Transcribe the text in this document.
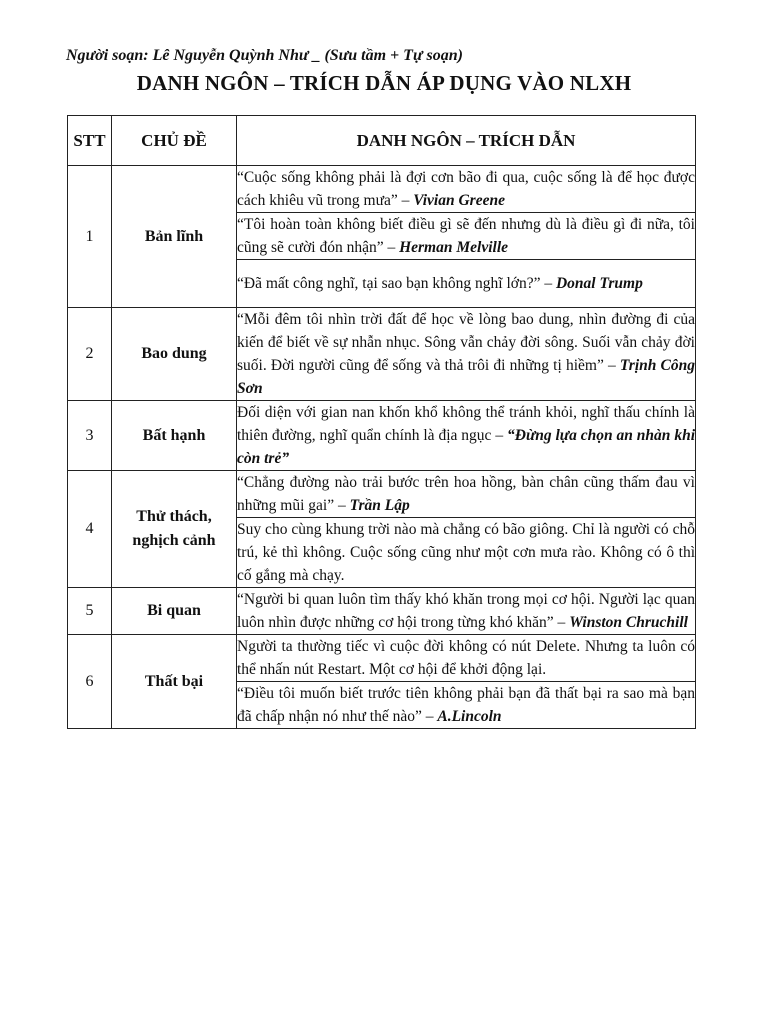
Người soạn: Lê Nguyễn Quỳnh Như _ (Sưu tầm + Tự soạn)
DANH NGÔN – TRÍCH DẪN ÁP DỤNG VÀO NLXH
STT	CHỦ ĐỀ	DANH NGÔN – TRÍCH DẪN
1	Bản lĩnh	“Cuộc sống không phải là đợi cơn bão đi qua, cuộc sống là để học được cách khiêu vũ trong mưa” – Vivian Greene
		“Tôi hoàn toàn không biết điều gì sẽ đến nhưng dù là điều gì đi nữa, tôi cũng sẽ cười đón nhận” – Herman Melville
		“Đã mất công nghĩ, tại sao bạn không nghĩ lớn?” – Donal Trump
2	Bao dung	“Mỗi đêm tôi nhìn trời đất để học về lòng bao dung, nhìn đường đi của kiến để biết về sự nhẫn nhục. Sông vẫn chảy đời sông. Suối vẫn chảy đời suối. Đời người cũng để sống và thả trôi đi những tị hiềm” – Trịnh Công Sơn
3	Bất hạnh	Đối diện với gian nan khốn khổ không thể tránh khỏi, nghĩ thấu chính là thiên đường, nghĩ quẩn chính là địa ngục – “Đừng lựa chọn an nhàn khi còn trẻ”
4	Thử thách, nghịch cảnh	“Chẳng đường nào trải bước trên hoa hồng, bàn chân cũng thấm đau vì những mũi gai” – Trần Lập
		Suy cho cùng khung trời nào mà chẳng có bão giông. Chỉ là người có chỗ trú, kẻ thì không. Cuộc sống cũng như một cơn mưa rào. Không có ô thì cố gắng mà chạy.
5	Bi quan	“Người bi quan luôn tìm thấy khó khăn trong mọi cơ hội. Người lạc quan luôn nhìn được những cơ hội trong từng khó khăn” – Winston Chruchill
6	Thất bại	Người ta thường tiếc vì cuộc đời không có nút Delete. Nhưng ta luôn có thể nhấn nút Restart. Một cơ hội để khởi động lại.
		“Điều tôi muốn biết trước tiên không phải bạn đã thất bại ra sao mà bạn đã chấp nhận nó như thế nào” – A.Lincoln
